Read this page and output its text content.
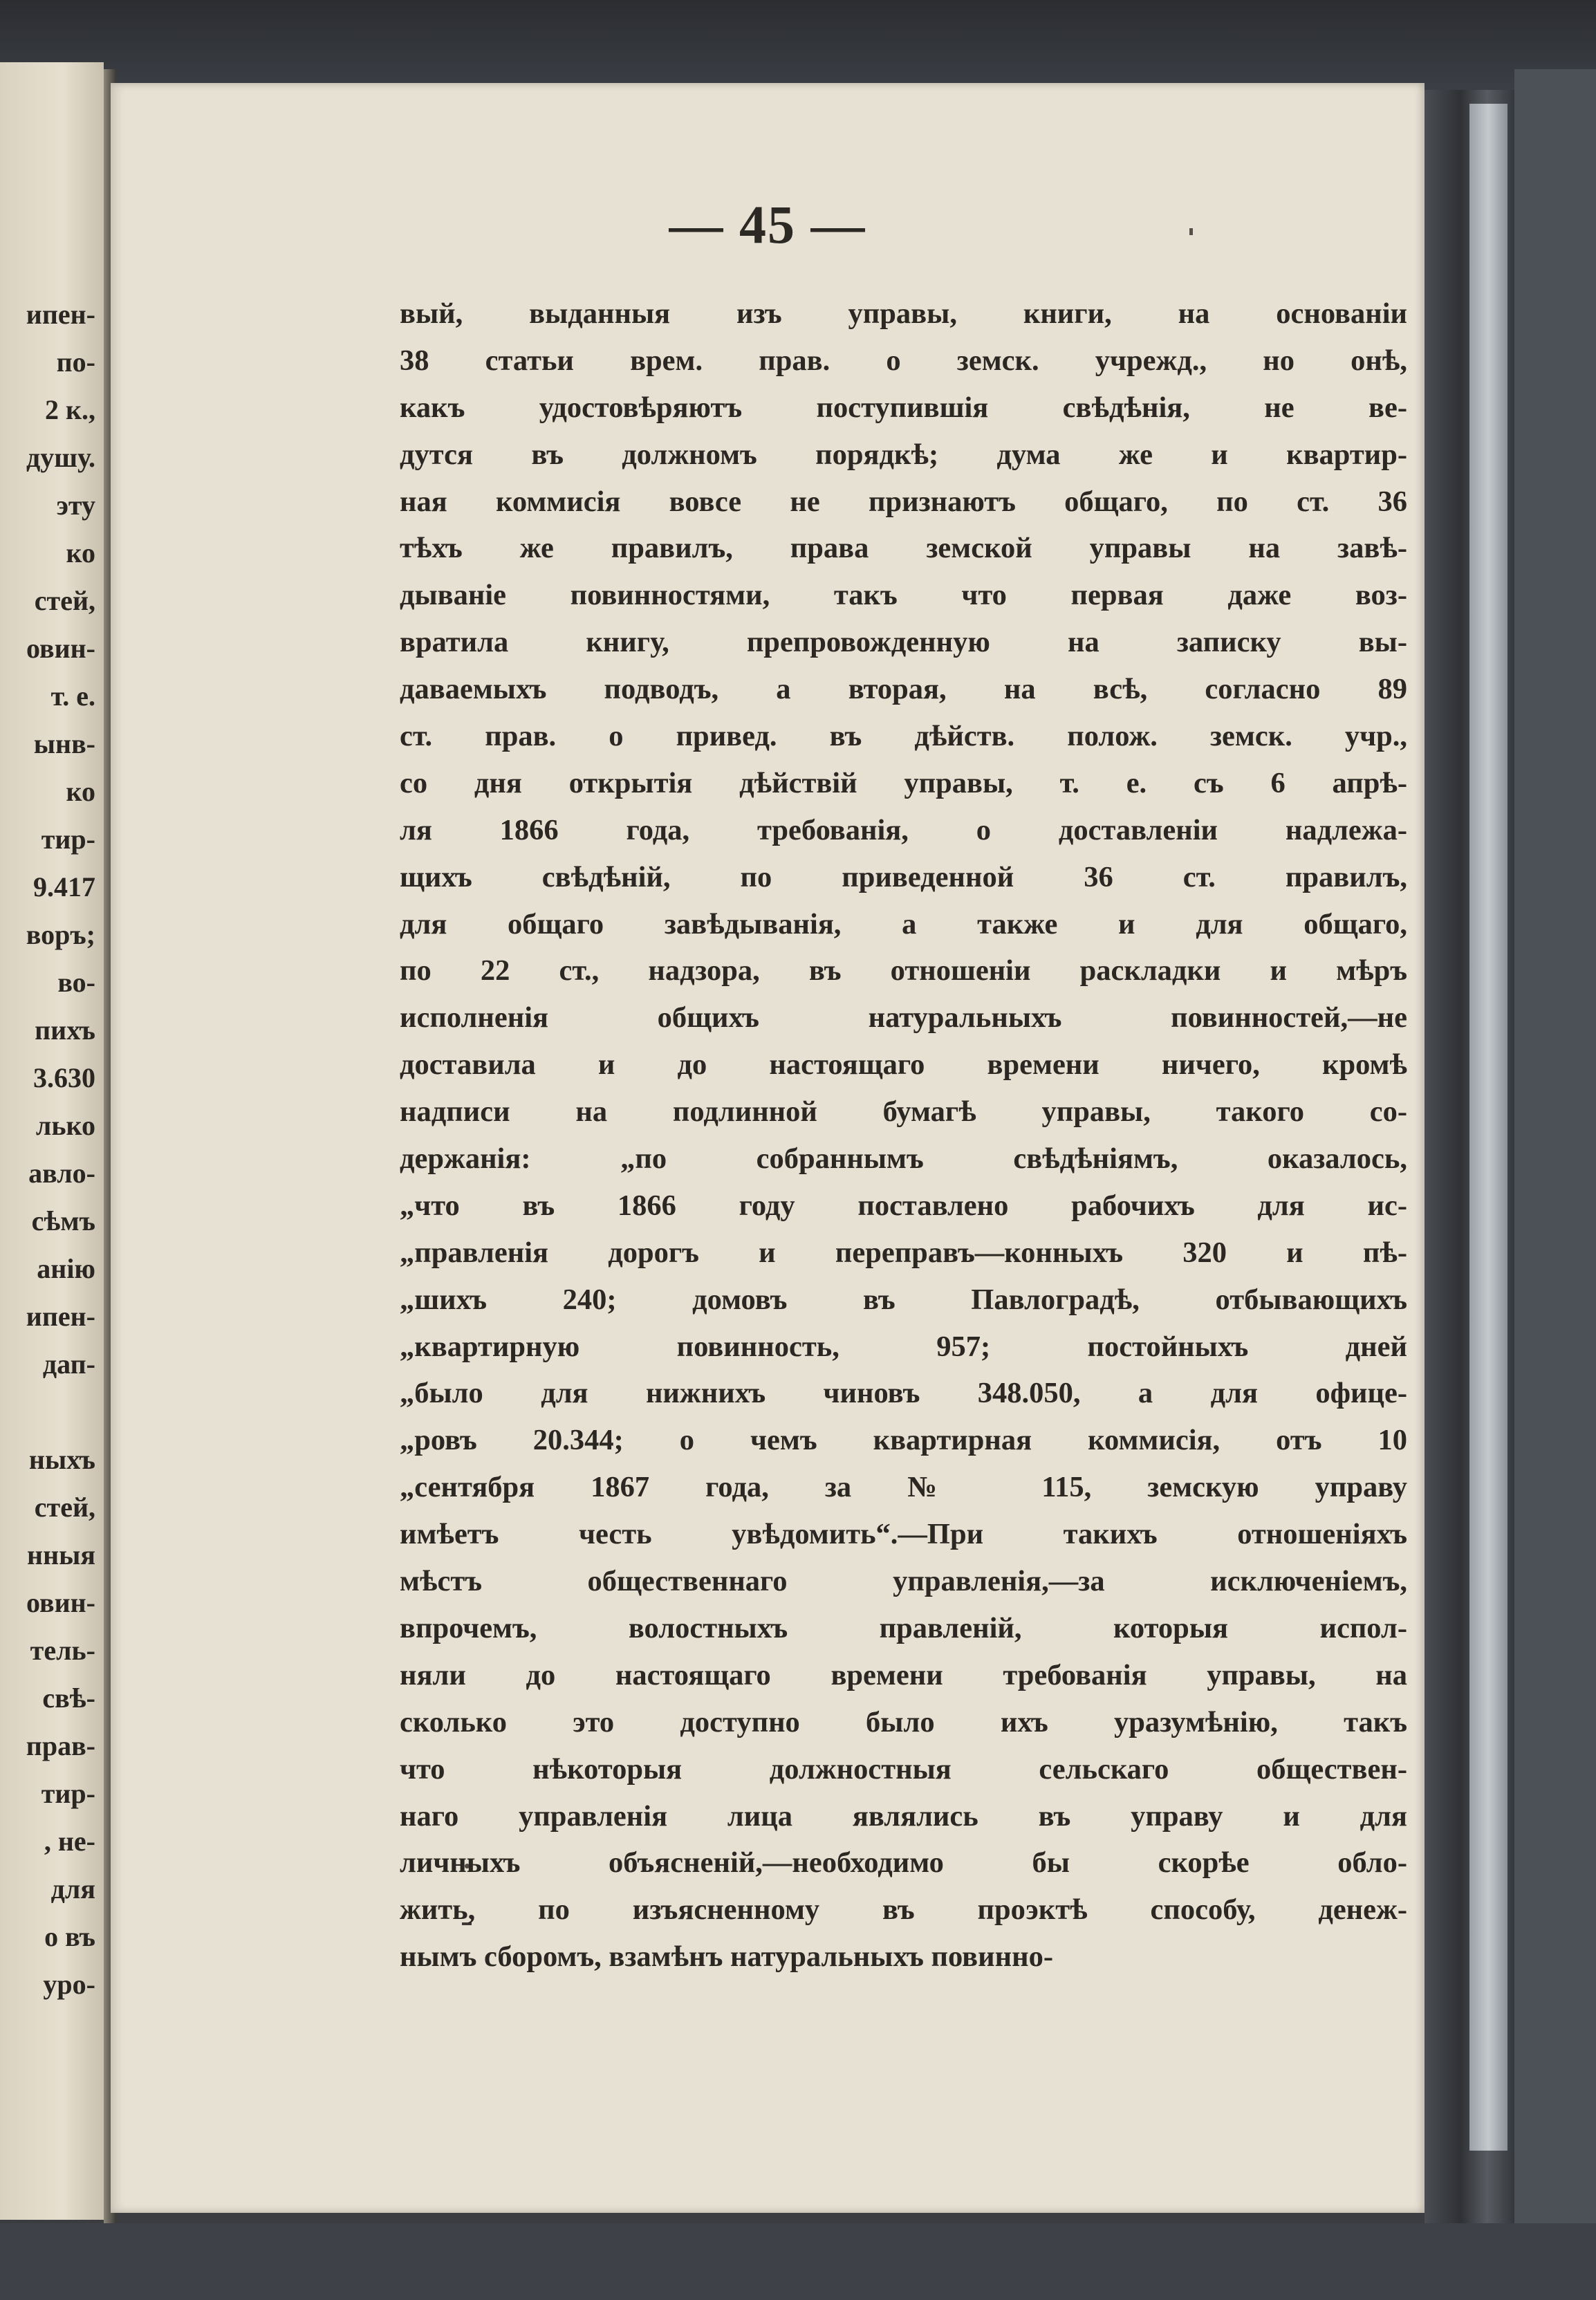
ипен-
по-
2 к.,
душу.
эту
ко
стей,
овин-
т. е.
ынв-
ко
тир-
9.417
воръ;
во-
пихъ
3.630
лько
авло-
сѣмъ
анію
ипен-
дап-
ныхъ
стей,
нныя
овин-
тель-
свѣ-
прав-
тир-
, не-
для
о въ
уро-
— 45 —
вый, выданныя изъ управы, книги, на основаніи
38 статьи врем. прав. о земск. учрежд., но онѣ,
какъ удостовѣряютъ поступившія свѣдѣнія, не ве-
дутся въ должномъ порядкѣ; дума же и квартир-
ная коммисія вовсе не признаютъ общаго, по ст. 36
тѣхъ же правилъ, права земской управы на завѣ-
дываніе повинностями, такъ что первая даже воз-
вратила книгу, препровожденную на записку вы-
даваемыхъ подводъ, а вторая, на всѣ, согласно 89
ст. прав. о привед. въ дѣйств. полож. земск. учр.,
со дня открытія дѣйствій управы, т. е. съ 6 апрѣ-
ля 1866 года, требованія, о доставленіи надлежа-
щихъ свѣдѣній, по приведенной 36 ст. правилъ,
для общаго завѣдыванія, а также и для общаго,
по 22 ст., надзора, въ отношеніи раскладки и мѣръ
исполненія общихъ натуральныхъ повинностей,—не
доставила и до настоящаго времени ничего, кромѣ
надписи на подлинной бумагѣ управы, такого со-
держанія: „по собраннымъ свѣдѣніямъ, оказалось,
„что въ 1866 году поставлено рабочихъ для ис-
„правленія дорогъ и переправъ—конныхъ 320 и пѣ-
„шихъ 240; домовъ въ Павлоградѣ, отбывающихъ
„квартирную повинность, 957; постойныхъ дней
„было для нижнихъ чиновъ 348.050, а для офице-
„ровъ 20.344; о чемъ квартирная коммисія, отъ 10
„сентября 1867 года, за № 115, земскую управу
имѣетъ честь увѣдомить“.—При такихъ отношеніяхъ
мѣстъ общественнаго управленія,—за исключеніемъ,
впрочемъ, волостныхъ правленій, которыя испол-
няли до настоящаго времени требованія управы, на
сколько это доступно было ихъ уразумѣнію, такъ
что нѣкоторыя должностныя сельскаго обществен-
наго управленія лица являлись въ управу и для
личныхъ объясненій,—необходимо бы скорѣе обло-
жить, по изъясненному въ проэктѣ способу, денеж-
нымъ сборомъ, взамѣнъ натуральныхъ повинно-
